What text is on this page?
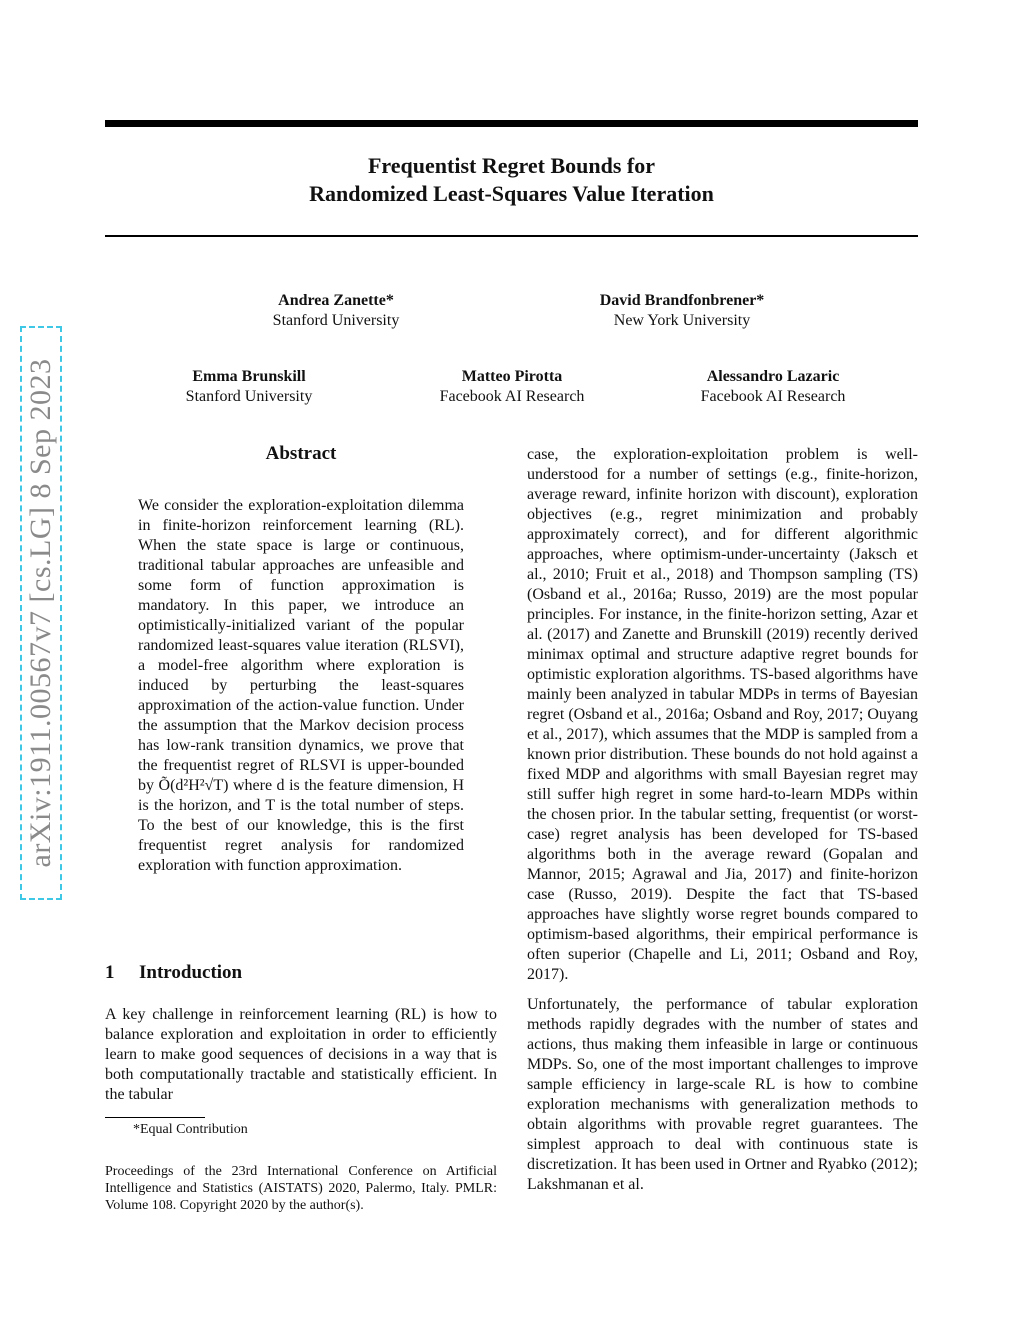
Frequentist Regret Bounds for
Randomized Least-Squares Value Iteration
Andrea Zanette*
Stanford University
David Brandfonbrener*
New York University
Emma Brunskill
Stanford University
Matteo Pirotta
Facebook AI Research
Alessandro Lazaric
Facebook AI Research
arXiv:1911.00567v7 [cs.LG] 8 Sep 2023	Abstract
We consider the exploration-exploitation dilemma in finite-horizon reinforcement learning (RL). When the state space is large or continuous, traditional tabular approaches are unfeasible and some form of function approximation is mandatory. In this paper, we introduce an optimistically-initialized variant of the popular randomized least-squares value iteration (RLSVI), a model-free algorithm where exploration is induced by perturbing the least-squares approximation of the action-value function. Under the assumption that the Markov decision process has low-rank transition dynamics, we prove that the frequentist regret of RLSVI is upper-bounded by Õ(d²H²√T) where d is the feature dimension, H is the horizon, and T is the total number of steps. To the best of our knowledge, this is the first frequentist regret analysis for randomized exploration with function approximation.
1 Introduction
A key challenge in reinforcement learning (RL) is how to balance exploration and exploitation in order to efficiently learn to make good sequences of decisions in a way that is both computationally tractable and statistically efficient. In the tabular
*Equal Contribution
Proceedings of the 23rd International Conference on Artificial Intelligence and Statistics (AISTATS) 2020, Palermo, Italy. PMLR: Volume 108. Copyright 2020 by the author(s).

case, the exploration-exploitation problem is well-understood for a number of settings (e.g., finite-horizon, average reward, infinite horizon with discount), exploration objectives (e.g., regret minimization and probably approximately correct), and for different algorithmic approaches, where optimism-under-uncertainty (Jaksch et al., 2010; Fruit et al., 2018) and Thompson sampling (TS) (Osband et al., 2016a; Russo, 2019) are the most popular principles. For instance, in the finite-horizon setting, Azar et al. (2017) and Zanette and Brunskill (2019) recently derived minimax optimal and structure adaptive regret bounds for optimistic exploration algorithms. TS-based algorithms have mainly been analyzed in tabular MDPs in terms of Bayesian regret (Osband et al., 2016a; Osband and Roy, 2017; Ouyang et al., 2017), which assumes that the MDP is sampled from a known prior distribution. These bounds do not hold against a fixed MDP and algorithms with small Bayesian regret may still suffer high regret in some hard-to-learn MDPs within the chosen prior. In the tabular setting, frequentist (or worst-case) regret analysis has been developed for TS-based algorithms both in the average reward (Gopalan and Mannor, 2015; Agrawal and Jia, 2017) and finite-horizon case (Russo, 2019). Despite the fact that TS-based approaches have slightly worse regret bounds compared to optimism-based algorithms, their empirical performance is often superior (Chapelle and Li, 2011; Osband and Roy, 2017).

Unfortunately, the performance of tabular exploration methods rapidly degrades with the number of states and actions, thus making them infeasible in large or continuous MDPs. So, one of the most important challenges to improve sample efficiency in large-scale RL is how to combine exploration mechanisms with generalization methods to obtain algorithms with provable regret guarantees. The simplest approach to deal with continuous state is discretization. It has been used in Ortner and Ryabko (2012); Lakshmanan et al.
